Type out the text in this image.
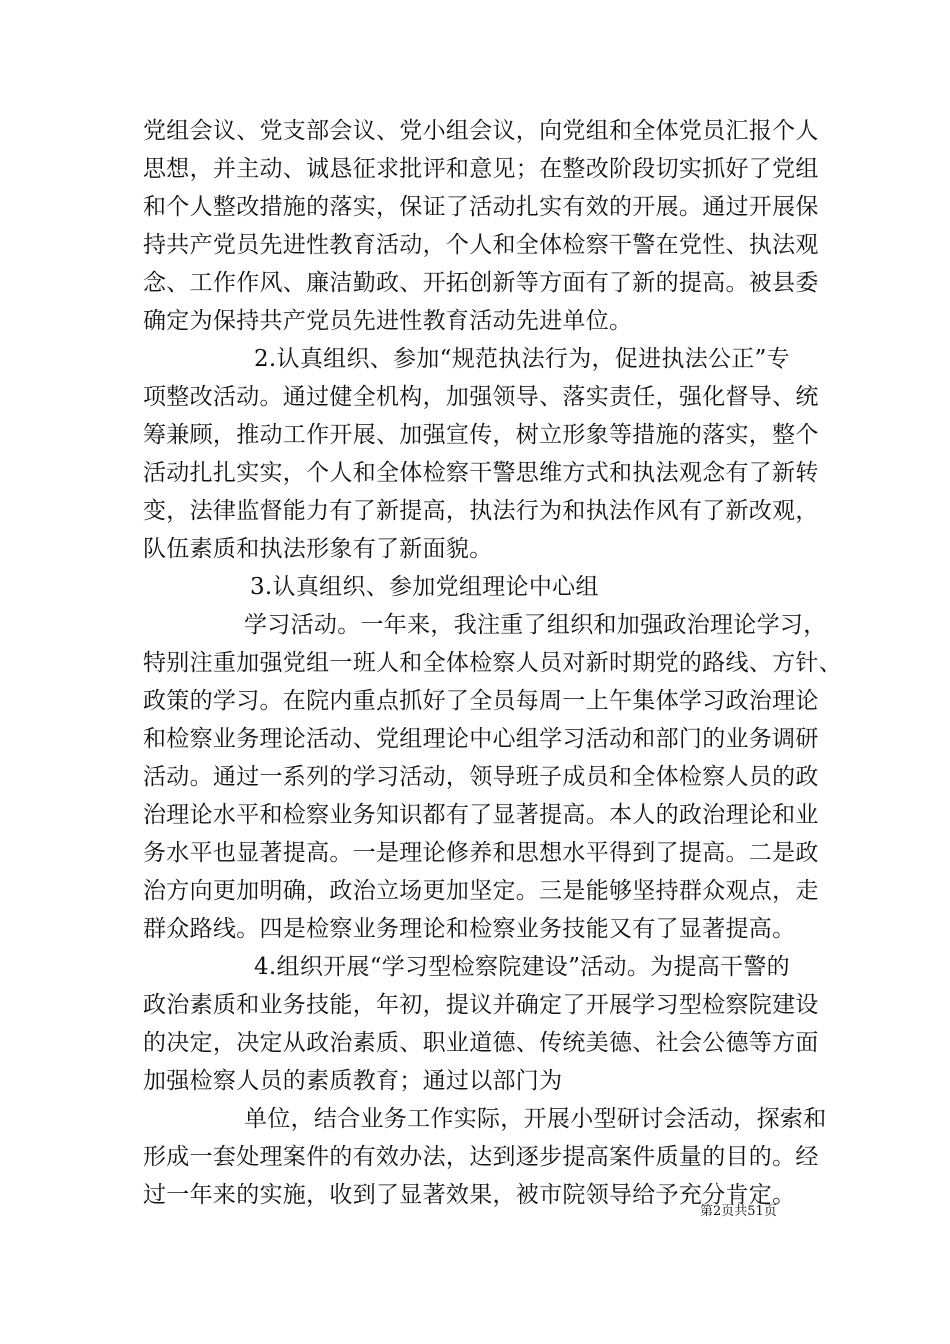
党组会议、党支部会议、党小组会议，向党组和全体党员汇报个人
思想，并主动、诚恳征求批评和意见；在整改阶段切实抓好了党组
和个人整改措施的落实，保证了活动扎实有效的开展。通过开展保
持共产党员先进性教育活动，个人和全体检察干警在党性、执法观
念、工作作风、廉洁勤政、开拓创新等方面有了新的提高。被县委
确定为保持共产党员先进性教育活动先进单位。
2.认真组织、参加“规范执法行为，促进执法公正”专
项整改活动。通过健全机构，加强领导、落实责任，强化督导、统
筹兼顾，推动工作开展、加强宣传，树立形象等措施的落实，整个
活动扎扎实实，个人和全体检察干警思维方式和执法观念有了新转
变，法律监督能力有了新提高，执法行为和执法作风有了新改观，
队伍素质和执法形象有了新面貌。
3.认真组织、参加党组理论中心组
学习活动。一年来，我注重了组织和加强政治理论学习，
特别注重加强党组一班人和全体检察人员对新时期党的路线、方针、
政策的学习。在院内重点抓好了全员每周一上午集体学习政治理论
和检察业务理论活动、党组理论中心组学习活动和部门的业务调研
活动。通过一系列的学习活动，领导班子成员和全体检察人员的政
治理论水平和检察业务知识都有了显著提高。本人的政治理论和业
务水平也显著提高。一是理论修养和思想水平得到了提高。二是政
治方向更加明确，政治立场更加坚定。三是能够坚持群众观点，走
群众路线。四是检察业务理论和检察业务技能又有了显著提高。
4.组织开展“学习型检察院建设”活动。为提高干警的
政治素质和业务技能，年初，提议并确定了开展学习型检察院建设
的决定，决定从政治素质、职业道德、传统美德、社会公德等方面
加强检察人员的素质教育；通过以部门为
单位，结合业务工作实际，开展小型研讨会活动，探索和
形成一套处理案件的有效办法，达到逐步提高案件质量的目的。经
过一年来的实施，收到了显著效果，被市院领导给予充分肯定。
第2页共51页
